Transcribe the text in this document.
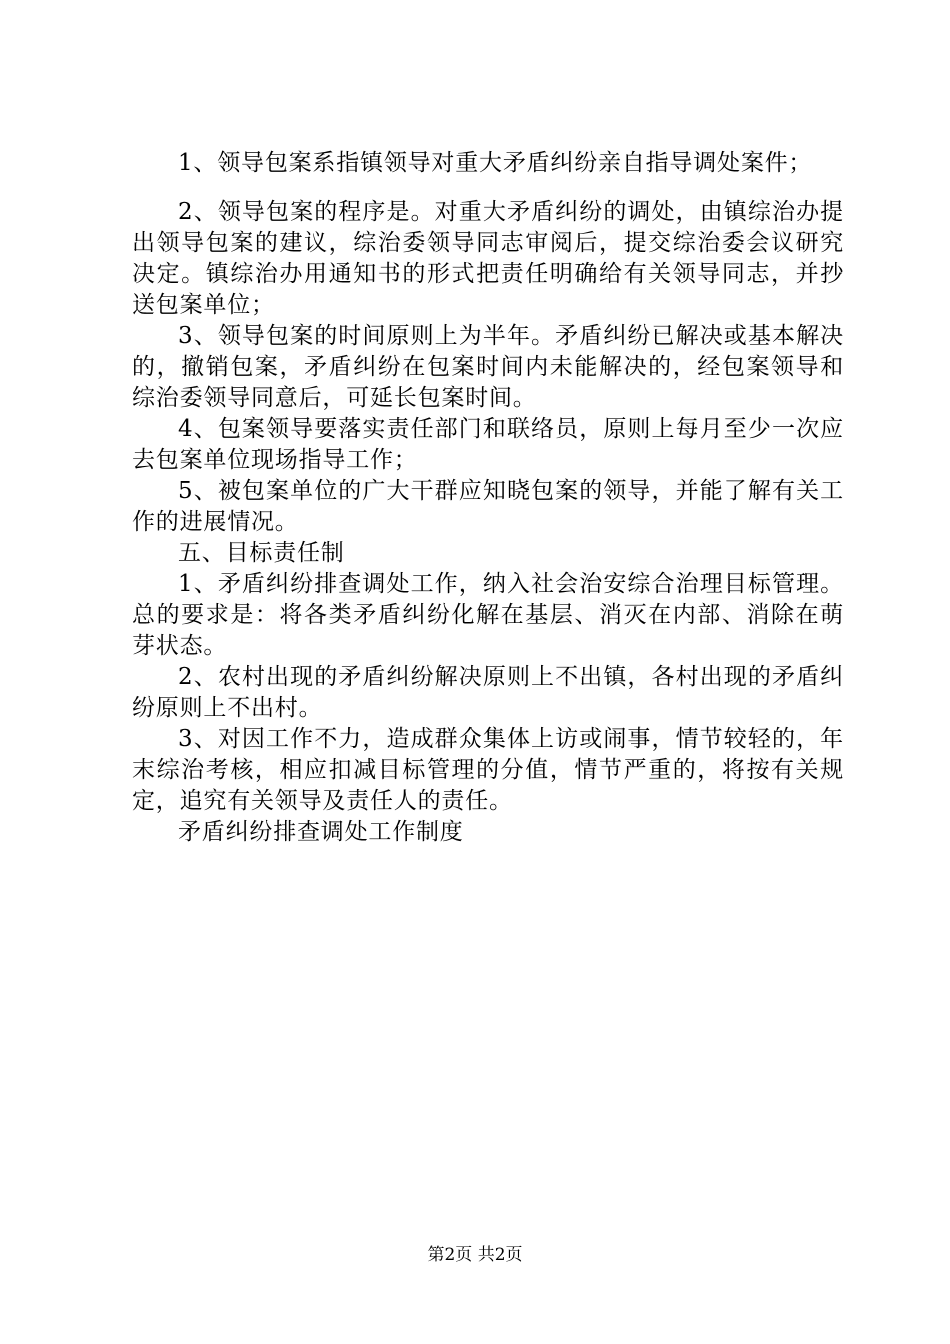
1、领导包案系指镇领导对重大矛盾纠纷亲自指导调处案件；

2、领导包案的程序是。对重大矛盾纠纷的调处，由镇综治办提出领导包案的建议，综治委领导同志审阅后，提交综治委会议研究决定。镇综治办用通知书的形式把责任明确给有关领导同志，并抄送包案单位；

3、领导包案的时间原则上为半年。矛盾纠纷已解决或基本解决的，撤销包案，矛盾纠纷在包案时间内未能解决的，经包案领导和综治委领导同意后，可延长包案时间。

4、包案领导要落实责任部门和联络员，原则上每月至少一次应去包案单位现场指导工作；

5、被包案单位的广大干群应知晓包案的领导，并能了解有关工作的进展情况。

五、目标责任制

1、矛盾纠纷排查调处工作，纳入社会治安综合治理目标管理。总的要求是：将各类矛盾纠纷化解在基层、消灭在内部、消除在萌芽状态。

2、农村出现的矛盾纠纷解决原则上不出镇，各村出现的矛盾纠纷原则上不出村。

3、对因工作不力，造成群众集体上访或闹事，情节较轻的，年末综治考核，相应扣减目标管理的分值，情节严重的，将按有关规定，追究有关领导及责任人的责任。

矛盾纠纷排查调处工作制度

第2页 共2页
